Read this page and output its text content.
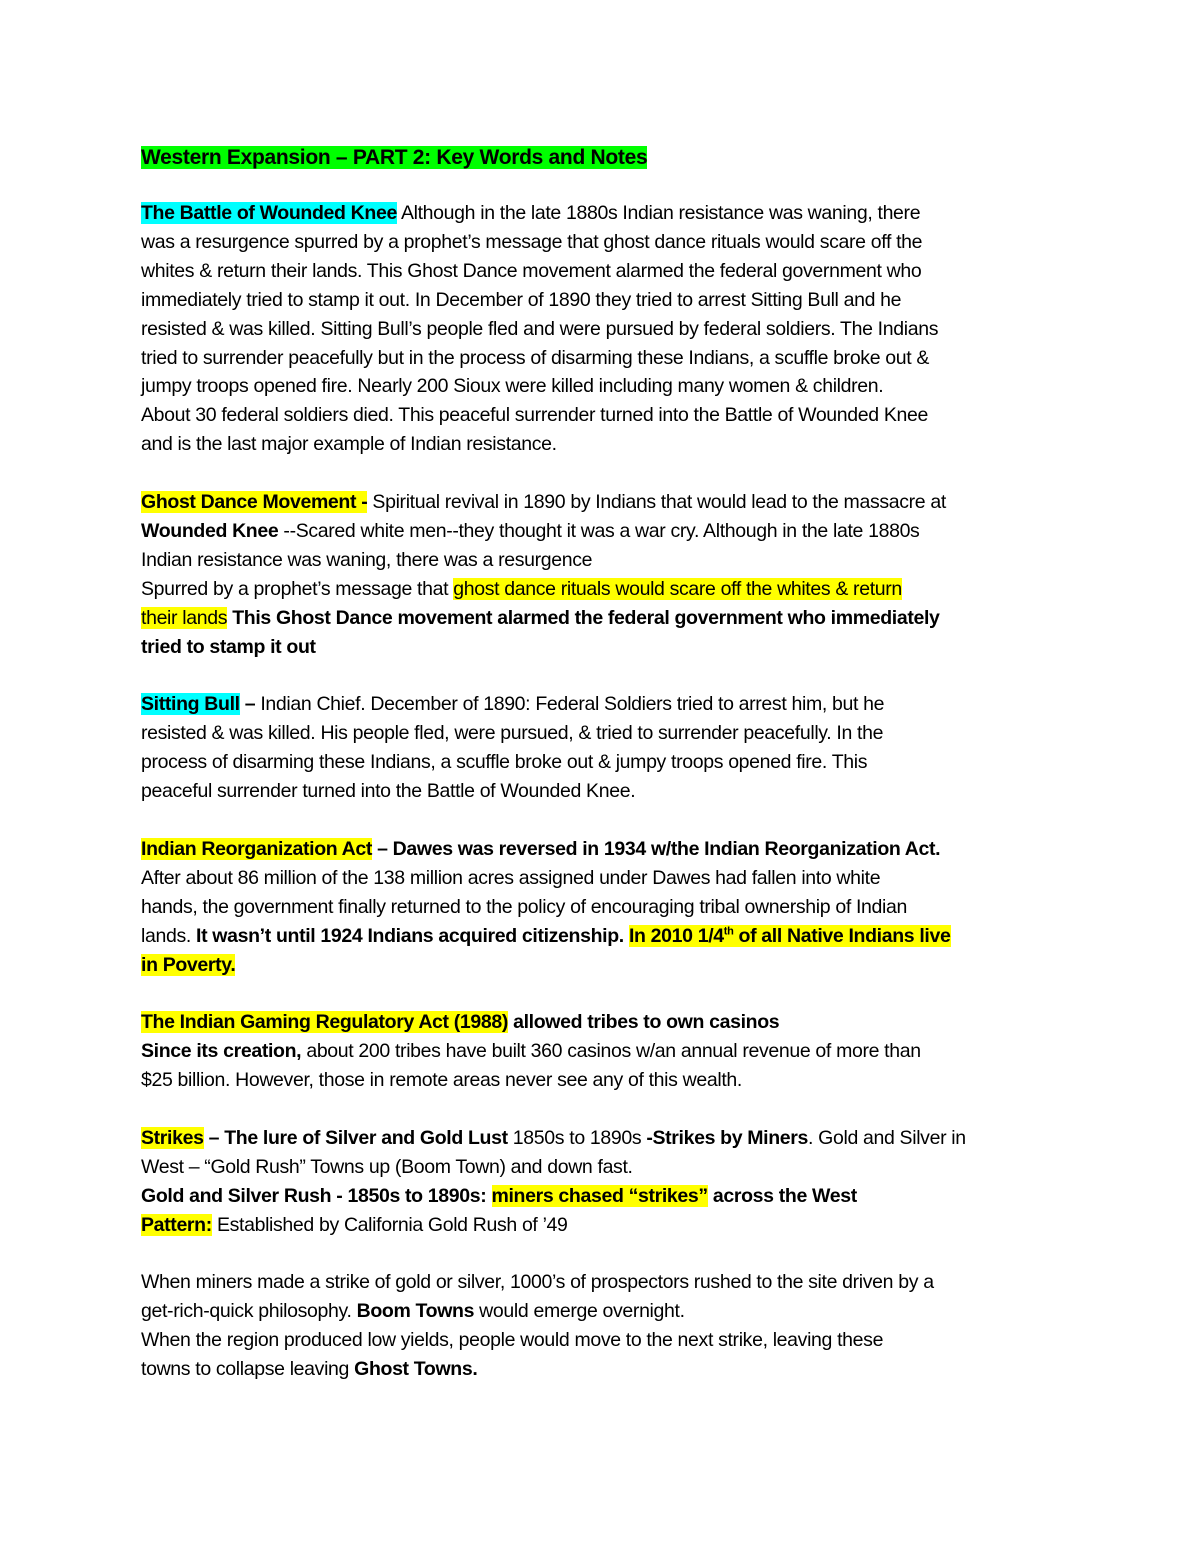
Western Expansion – PART 2: Key Words and Notes
The Battle of Wounded Knee Although in the late 1880s Indian resistance was waning, there
was a resurgence spurred by a prophet’s message that ghost dance rituals would scare off the
whites & return their lands. This Ghost Dance movement alarmed the federal government who
immediately tried to stamp it out. In December of 1890 they tried to arrest Sitting Bull and he
resisted & was killed. Sitting Bull’s people fled and were pursued by federal soldiers. The Indians
tried to surrender peacefully but in the process of disarming these Indians, a scuffle broke out &
jumpy troops opened fire. Nearly 200 Sioux were killed including many women & children.
About 30 federal soldiers died. This peaceful surrender turned into the Battle of Wounded Knee
and is the last major example of Indian resistance.
Ghost Dance Movement - Spiritual revival in 1890 by Indians that would lead to the massacre at
Wounded Knee --Scared white men--they thought it was a war cry. Although in the late 1880s
Indian resistance was waning, there was a resurgence
Spurred by a prophet’s message that ghost dance rituals would scare off the whites & return
their lands This Ghost Dance movement alarmed the federal government who immediately
tried to stamp it out
Sitting Bull – Indian Chief. December of 1890: Federal Soldiers tried to arrest him, but he
resisted & was killed. His people fled, were pursued, & tried to surrender peacefully. In the
process of disarming these Indians, a scuffle broke out & jumpy troops opened fire. This
peaceful surrender turned into the Battle of Wounded Knee.
Indian Reorganization Act – Dawes was reversed in 1934 w/the Indian Reorganization Act.
After about 86 million of the 138 million acres assigned under Dawes had fallen into white
hands, the government finally returned to the policy of encouraging tribal ownership of Indian
lands. It wasn’t until 1924 Indians acquired citizenship. In 2010 1/4th of all Native Indians live
in Poverty.
The Indian Gaming Regulatory Act (1988) allowed tribes to own casinos
Since its creation, about 200 tribes have built 360 casinos w/an annual revenue of more than
$25 billion. However, those in remote areas never see any of this wealth.
Strikes – The lure of Silver and Gold Lust 1850s to 1890s -Strikes by Miners. Gold and Silver in
West – “Gold Rush” Towns up (Boom Town) and down fast.
Gold and Silver Rush - 1850s to 1890s: miners chased “strikes” across the West
Pattern: Established by California Gold Rush of ’49
When miners made a strike of gold or silver, 1000’s of prospectors rushed to the site driven by a
get-rich-quick philosophy. Boom Towns would emerge overnight.
When the region produced low yields, people would move to the next strike, leaving these
towns to collapse leaving Ghost Towns.
